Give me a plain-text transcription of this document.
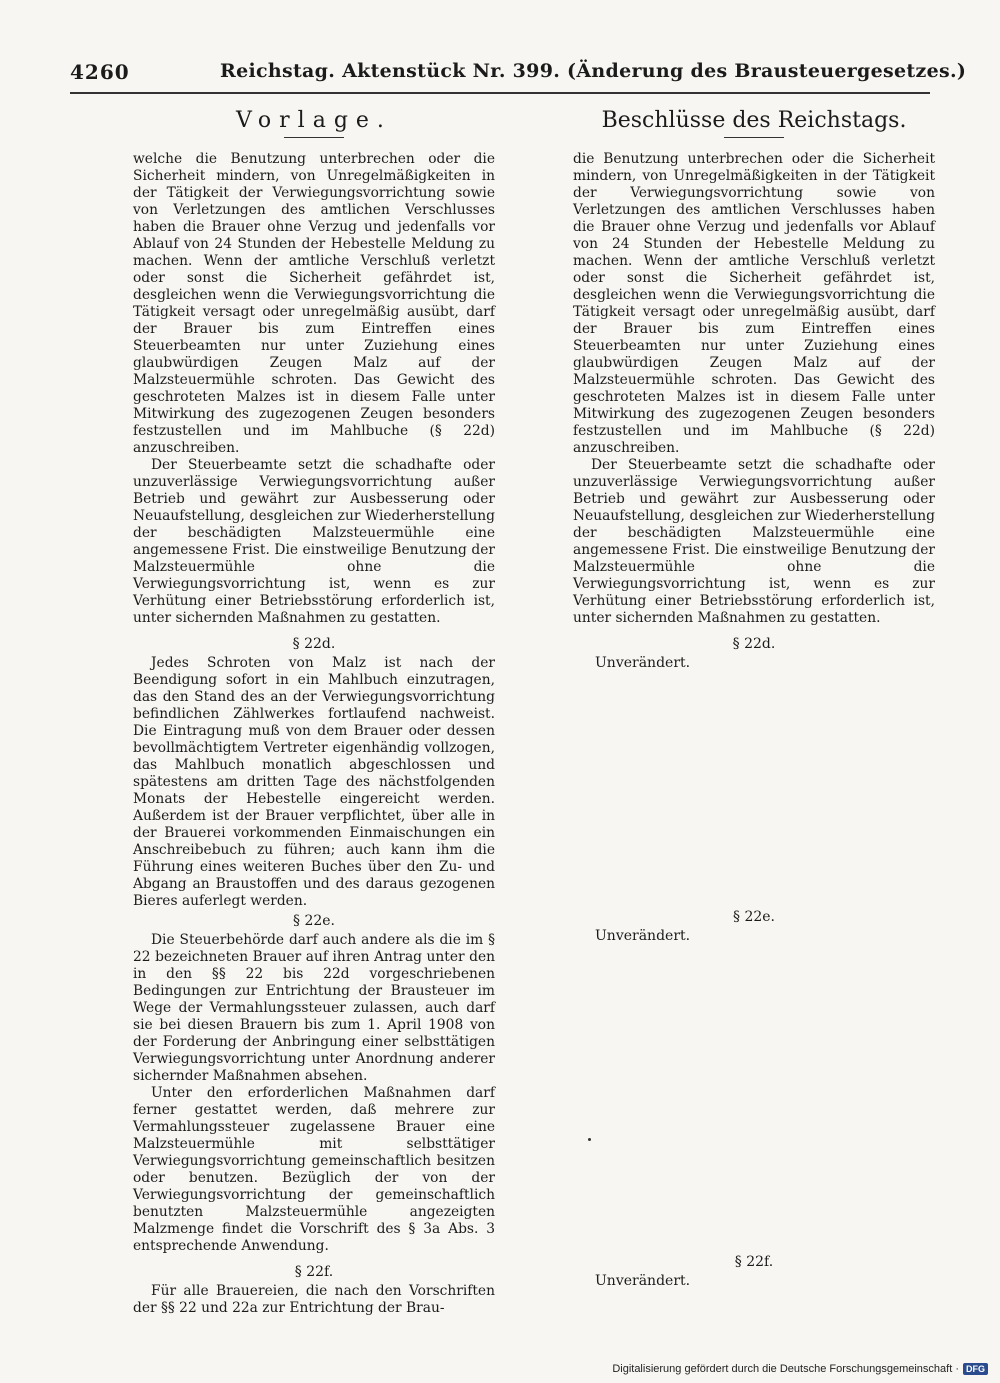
4260	Reichstag. Aktenstück Nr. 399. (Änderung des Brausteuergesetzes.)
Vorlage.

welche die Benutzung unterbrechen oder die Sicherheit mindern, von Unregelmäßigkeiten in der Tätigkeit der Verwiegungsvorrichtung sowie von Verletzungen des amtlichen Verschlusses haben die Brauer ohne Verzug und jedenfalls vor Ablauf von 24 Stunden der Hebestelle Meldung zu machen. Wenn der amtliche Verschluß verletzt oder sonst die Sicherheit gefährdet ist, desgleichen wenn die Verwiegungsvorrichtung die Tätigkeit versagt oder unregelmäßig ausübt, darf der Brauer bis zum Eintreffen eines Steuerbeamten nur unter Zuziehung eines glaubwürdigen Zeugen Malz auf der Malzsteuermühle schroten. Das Gewicht des geschroteten Malzes ist in diesem Falle unter Mitwirkung des zugezogenen Zeugen besonders festzustellen und im Mahlbuche (§ 22d) anzuschreiben.

Der Steuerbeamte setzt die schadhafte oder unzuverlässige Verwiegungsvorrichtung außer Betrieb und gewährt zur Ausbesserung oder Neuaufstellung, desgleichen zur Wiederherstellung der beschädigten Malzsteuermühle eine angemessene Frist. Die einstweilige Benutzung der Malzsteuermühle ohne die Verwiegungsvorrichtung ist, wenn es zur Verhütung einer Betriebsstörung erforderlich ist, unter sichernden Maßnahmen zu gestatten.

§ 22d.

Jedes Schroten von Malz ist nach der Beendigung sofort in ein Mahlbuch einzutragen, das den Stand des an der Verwiegungsvorrichtung befindlichen Zählwerkes fortlaufend nachweist. Die Eintragung muß von dem Brauer oder dessen bevollmächtigtem Vertreter eigenhändig vollzogen, das Mahlbuch monatlich abgeschlossen und spätestens am dritten Tage des nächstfolgenden Monats der Hebestelle eingereicht werden. Außerdem ist der Brauer verpflichtet, über alle in der Brauerei vorkommenden Einmaischungen ein Anschreibebuch zu führen; auch kann ihm die Führung eines weiteren Buches über den Zu- und Abgang an Braustoffen und des daraus gezogenen Bieres auferlegt werden.

§ 22e.

Die Steuerbehörde darf auch andere als die im § 22 bezeichneten Brauer auf ihren Antrag unter den in den §§ 22 bis 22d vorgeschriebenen Bedingungen zur Entrichtung der Brausteuer im Wege der Vermahlungssteuer zulassen, auch darf sie bei diesen Brauern bis zum 1. April 1908 von der Forderung der Anbringung einer selbsttätigen Verwiegungsvorrichtung unter Anordnung anderer sichernder Maßnahmen absehen.

Unter den erforderlichen Maßnahmen darf ferner gestattet werden, daß mehrere zur Vermahlungssteuer zugelassene Brauer eine Malzsteuermühle mit selbsttätiger Verwiegungsvorrichtung gemeinschaftlich besitzen oder benutzen. Bezüglich der von der Verwiegungsvorrichtung der gemeinschaftlich benutzten Malzsteuermühle angezeigten Malzmenge findet die Vorschrift des § 3a Abs. 3 entsprechende Anwendung.

§ 22f.

Für alle Brauereien, die nach den Vorschriften der §§ 22 und 22a zur Entrichtung der Brau-

Beschlüsse des Reichstags.

die Benutzung unterbrechen oder die Sicherheit mindern, von Unregelmäßigkeiten in der Tätigkeit der Verwiegungsvorrichtung sowie von Verletzungen des amtlichen Verschlusses haben die Brauer ohne Verzug und jedenfalls vor Ablauf von 24 Stunden der Hebestelle Meldung zu machen. Wenn der amtliche Verschluß verletzt oder sonst die Sicherheit gefährdet ist, desgleichen wenn die Verwiegungsvorrichtung die Tätigkeit versagt oder unregelmäßig ausübt, darf der Brauer bis zum Eintreffen eines Steuerbeamten nur unter Zuziehung eines glaubwürdigen Zeugen Malz auf der Malzsteuermühle schroten. Das Gewicht des geschroteten Malzes ist in diesem Falle unter Mitwirkung des zugezogenen Zeugen besonders festzustellen und im Mahlbuche (§ 22d) anzuschreiben.

Der Steuerbeamte setzt die schadhafte oder unzuverlässige Verwiegungsvorrichtung außer Betrieb und gewährt zur Ausbesserung oder Neuaufstellung, desgleichen zur Wiederherstellung der beschädigten Malzsteuermühle eine angemessene Frist. Die einstweilige Benutzung der Malzsteuermühle ohne die Verwiegungsvorrichtung ist, wenn es zur Verhütung einer Betriebsstörung erforderlich ist, unter sichernden Maßnahmen zu gestatten.

§ 22d.

Unverändert.

§ 22e.

Unverändert.

§ 22f.

Unverändert.

Digitalisierung gefördert durch die Deutsche Forschungsgemeinschaft · DFG
